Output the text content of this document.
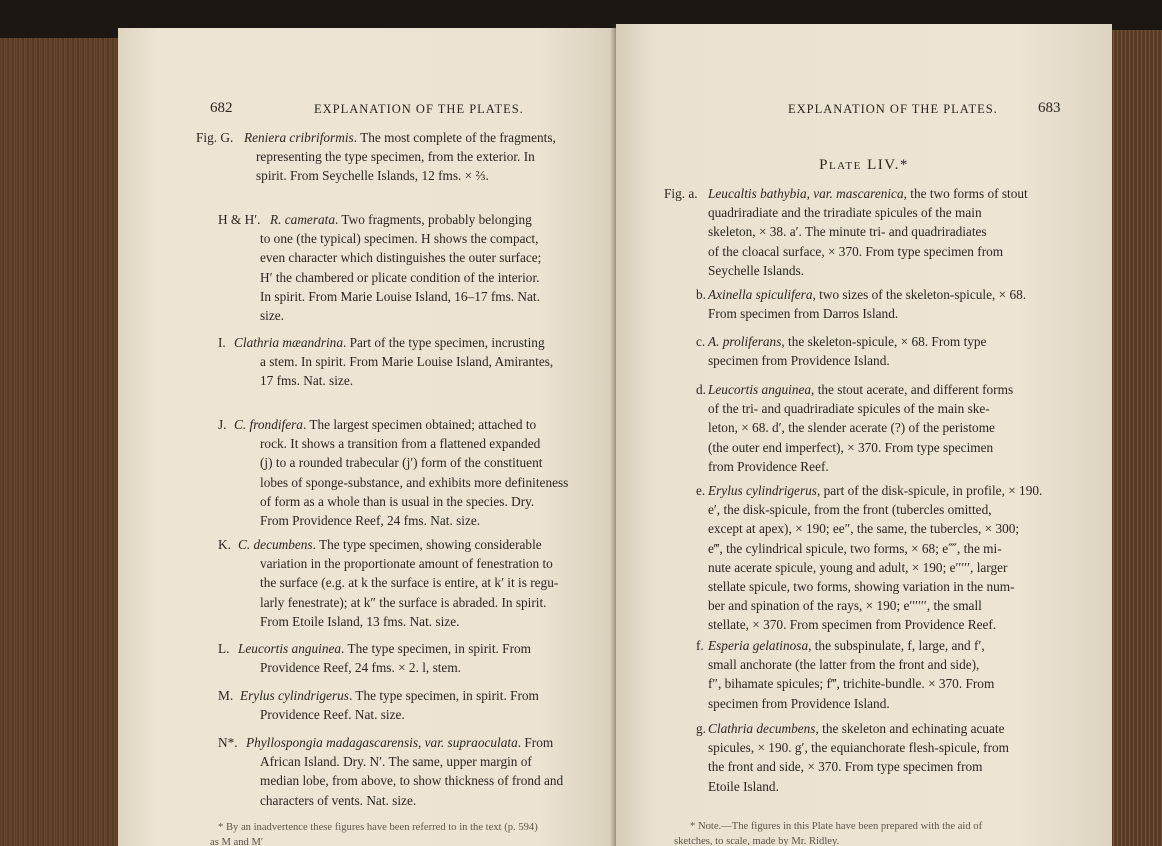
682	EXPLANATION OF THE PLATES.
Fig. G. Reniera cribriformis. The most complete of the fragments,
representing the type specimen, from the exterior. In
spirit. From Seychelle Islands, 12 fms. × ⅔.
H & H′. R. camerata. Two fragments, probably belonging
to one (the typical) specimen. H shows the compact,
even character which distinguishes the outer surface;
H′ the chambered or plicate condition of the interior.
In spirit. From Marie Louise Island, 16–17 fms. Nat.
size.
I. Clathria mæandrina. Part of the type specimen, incrusting
a stem. In spirit. From Marie Louise Island, Amirantes,
17 fms. Nat. size.
J. C. frondifera. The largest specimen obtained; attached to
rock. It shows a transition from a flattened expanded
(j) to a rounded trabecular (j′) form of the constituent
lobes of sponge-substance, and exhibits more definiteness
of form as a whole than is usual in the species. Dry.
From Providence Reef, 24 fms. Nat. size.
K. C. decumbens. The type specimen, showing considerable
variation in the proportionate amount of fenestration to
the surface (e.g. at k the surface is entire, at k′ it is regu-
larly fenestrate); at k″ the surface is abraded. In spirit.
From Etoile Island, 13 fms. Nat. size.
L. Leucortis anguinea. The type specimen, in spirit. From
Providence Reef, 24 fms. × 2. l, stem.
M. Erylus cylindrigerus. The type specimen, in spirit. From
Providence Reef. Nat. size.
N*. Phyllospongia madagascarensis, var. supraoculata. From
African Island. Dry. N′. The same, upper margin of
median lobe, from above, to show thickness of frond and
characters of vents. Nat. size.
* By an inadvertence these figures have been referred to in the text (p. 594)
as M and M′
EXPLANATION OF THE PLATES.	683
Plate LIV.*
Fig. a. Leucaltis bathybia, var. mascarenica, the two forms of stout
quadriradiate and the triradiate spicules of the main
skeleton, × 38. a′. The minute tri- and quadriradiates
of the cloacal surface, × 370. From type specimen from
Seychelle Islands.
b. Axinella spiculifera, two sizes of the skeleton-spicule, × 68.
From specimen from Darros Island.
c. A. proliferans, the skeleton-spicule, × 68. From type
specimen from Providence Island.
d. Leucortis anguinea, the stout acerate, and different forms
of the tri- and quadriradiate spicules of the main ske-
leton, × 68. d′, the slender acerate (?) of the peristome
(the outer end imperfect), × 370. From type specimen
from Providence Reef.
e. Erylus cylindrigerus, part of the disk-spicule, in profile, × 190.
e′, the disk-spicule, from the front (tubercles omitted,
except at apex), × 190; ee″, the same, the tubercles, × 300;
e‴, the cylindrical spicule, two forms, × 68; e⁗, the mi-
nute acerate spicule, young and adult, × 190; e′′′′′, larger
stellate spicule, two forms, showing variation in the num-
ber and spination of the rays, × 190; e′′′′′′, the small
stellate, × 370. From specimen from Providence Reef.
f. Esperia gelatinosa, the subspinulate, f, large, and f′,
small anchorate (the latter from the front and side),
f″, bihamate spicules; f‴, trichite-bundle. × 370. From
specimen from Providence Island.
g. Clathria decumbens, the skeleton and echinating acuate
spicules, × 190. g′, the equianchorate flesh-spicule, from
the front and side, × 370. From type specimen from
Etoile Island.
* Note.—The figures in this Plate have been prepared with the aid of
sketches, to scale, made by Mr. Ridley.
